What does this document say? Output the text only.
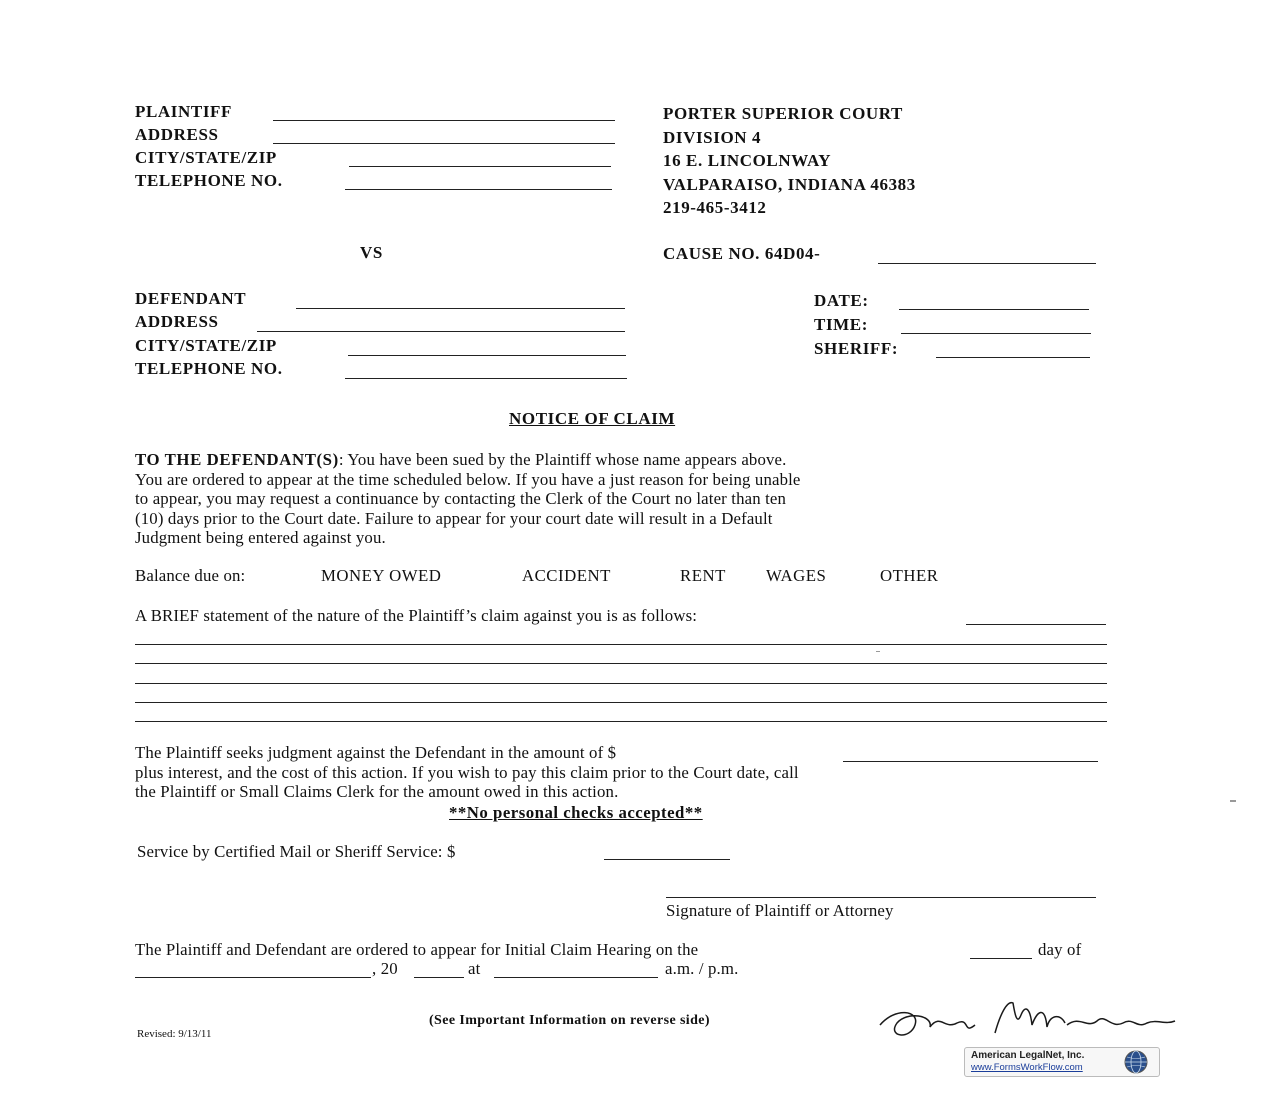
PLAINTIFF
ADDRESS
CITY/STATE/ZIP
TELEPHONE NO.
PORTER SUPERIOR COURT
DIVISION 4
16 E. LINCOLNWAY
VALPARAISO, INDIANA 46383
219-465-3412
VS	CAUSE NO. 64D04-
DEFENDANT
ADDRESS
CITY/STATE/ZIP
TELEPHONE NO.
DATE:
TIME:
SHERIFF:
NOTICE OF CLAIM
TO THE DEFENDANT(S): You have been sued by the Plaintiff whose name appears above.
You are ordered to appear at the time scheduled below. If you have a just reason for being unable
to appear, you may request a continuance by contacting the Clerk of the Court no later than ten
(10) days prior to the Court date. Failure to appear for your court date will result in a Default
Judgment being entered against you.
Balance due on:	MONEY OWED	ACCIDENT	RENT WAGES	OTHER
A BRIEF statement of the nature of the Plaintiff’s claim against you is as follows:
The Plaintiff seeks judgment against the Defendant in the amount of $
plus interest, and the cost of this action. If you wish to pay this claim prior to the Court date, call
the Plaintiff or Small Claims Clerk for the amount owed in this action.
**No personal checks accepted**
Service by Certified Mail or Sheriff Service: $
Signature of Plaintiff or Attorney
The Plaintiff and Defendant are ordered to appear for Initial Claim Hearing on the	day of
, 20	at	a.m. / p.m.
Revised: 9/13/11
(See Important Information on reverse side)
American LegalNet, Inc.
www.FormsWorkFlow.com
